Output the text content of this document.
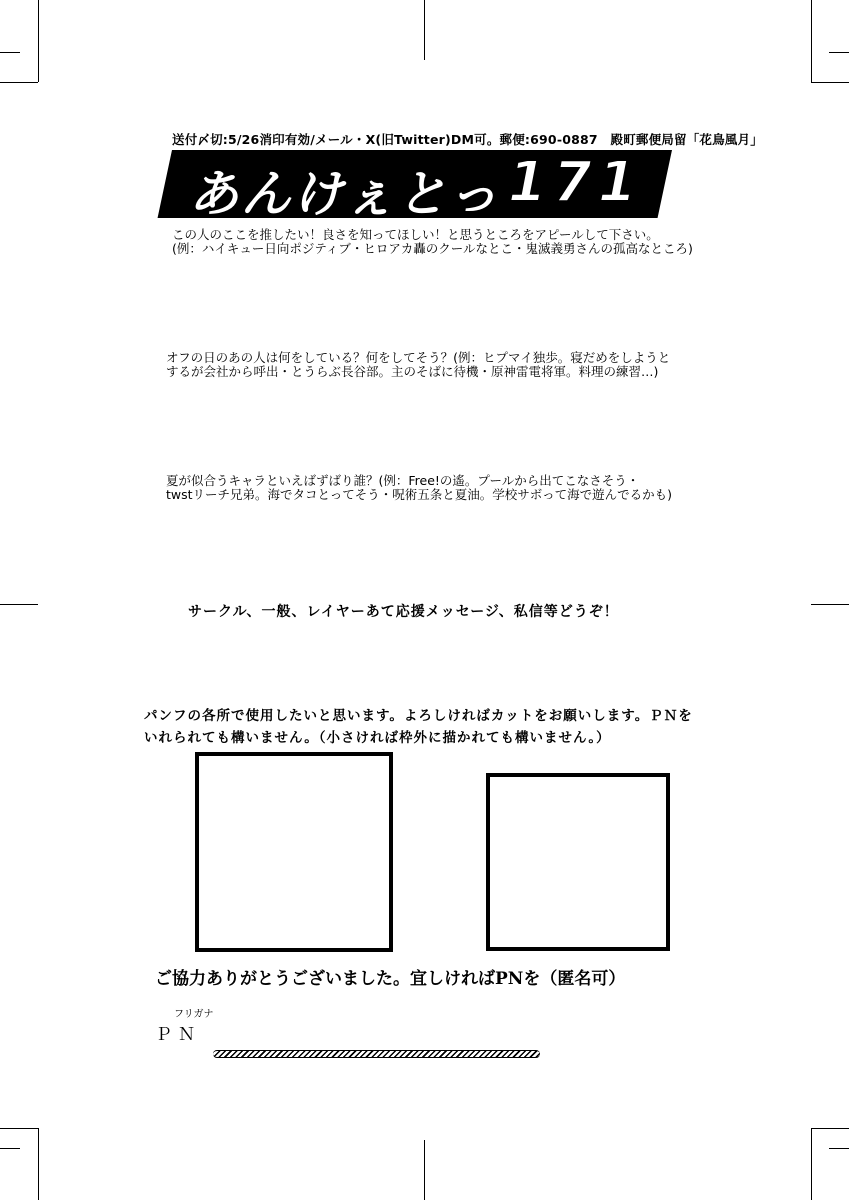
送付〆切:5/26消印有効/メール・X(旧Twitter)DM可。郵便:690-0887　殿町郵便局留「花鳥風月」
あんけぇとっ 171
この人のここを推したい！良さを知ってほしい！と思うところをアピールして下さい。
(例：ハイキュー日向ポジティブ・ヒロアカ轟のクールなとこ・鬼滅義勇さんの孤高なところ)
オフの日のあの人は何をしている？何をしてそう？(例：ヒプマイ独歩。寝だめをしようと
するが会社から呼出・とうらぶ長谷部。主のそばに待機・原神雷電将軍。料理の練習…)
夏が似合うキャラといえばずばり誰？(例：Free!の遙。プールから出てこなさそう・
twstリーチ兄弟。海でタコとってそう・呪術五条と夏油。学校サボって海で遊んでるかも)
サークル、一般、レイヤーあて応援メッセージ、私信等どうぞ！
パンフの各所で使用したいと思います。よろしければカットをお願いします。ＰＮを
いれられても構いません。（小さければ枠外に描かれても構いません。）
ご協力ありがとうございました。宜しければPNを（匿名可）
フリガナ
ＰＮ
